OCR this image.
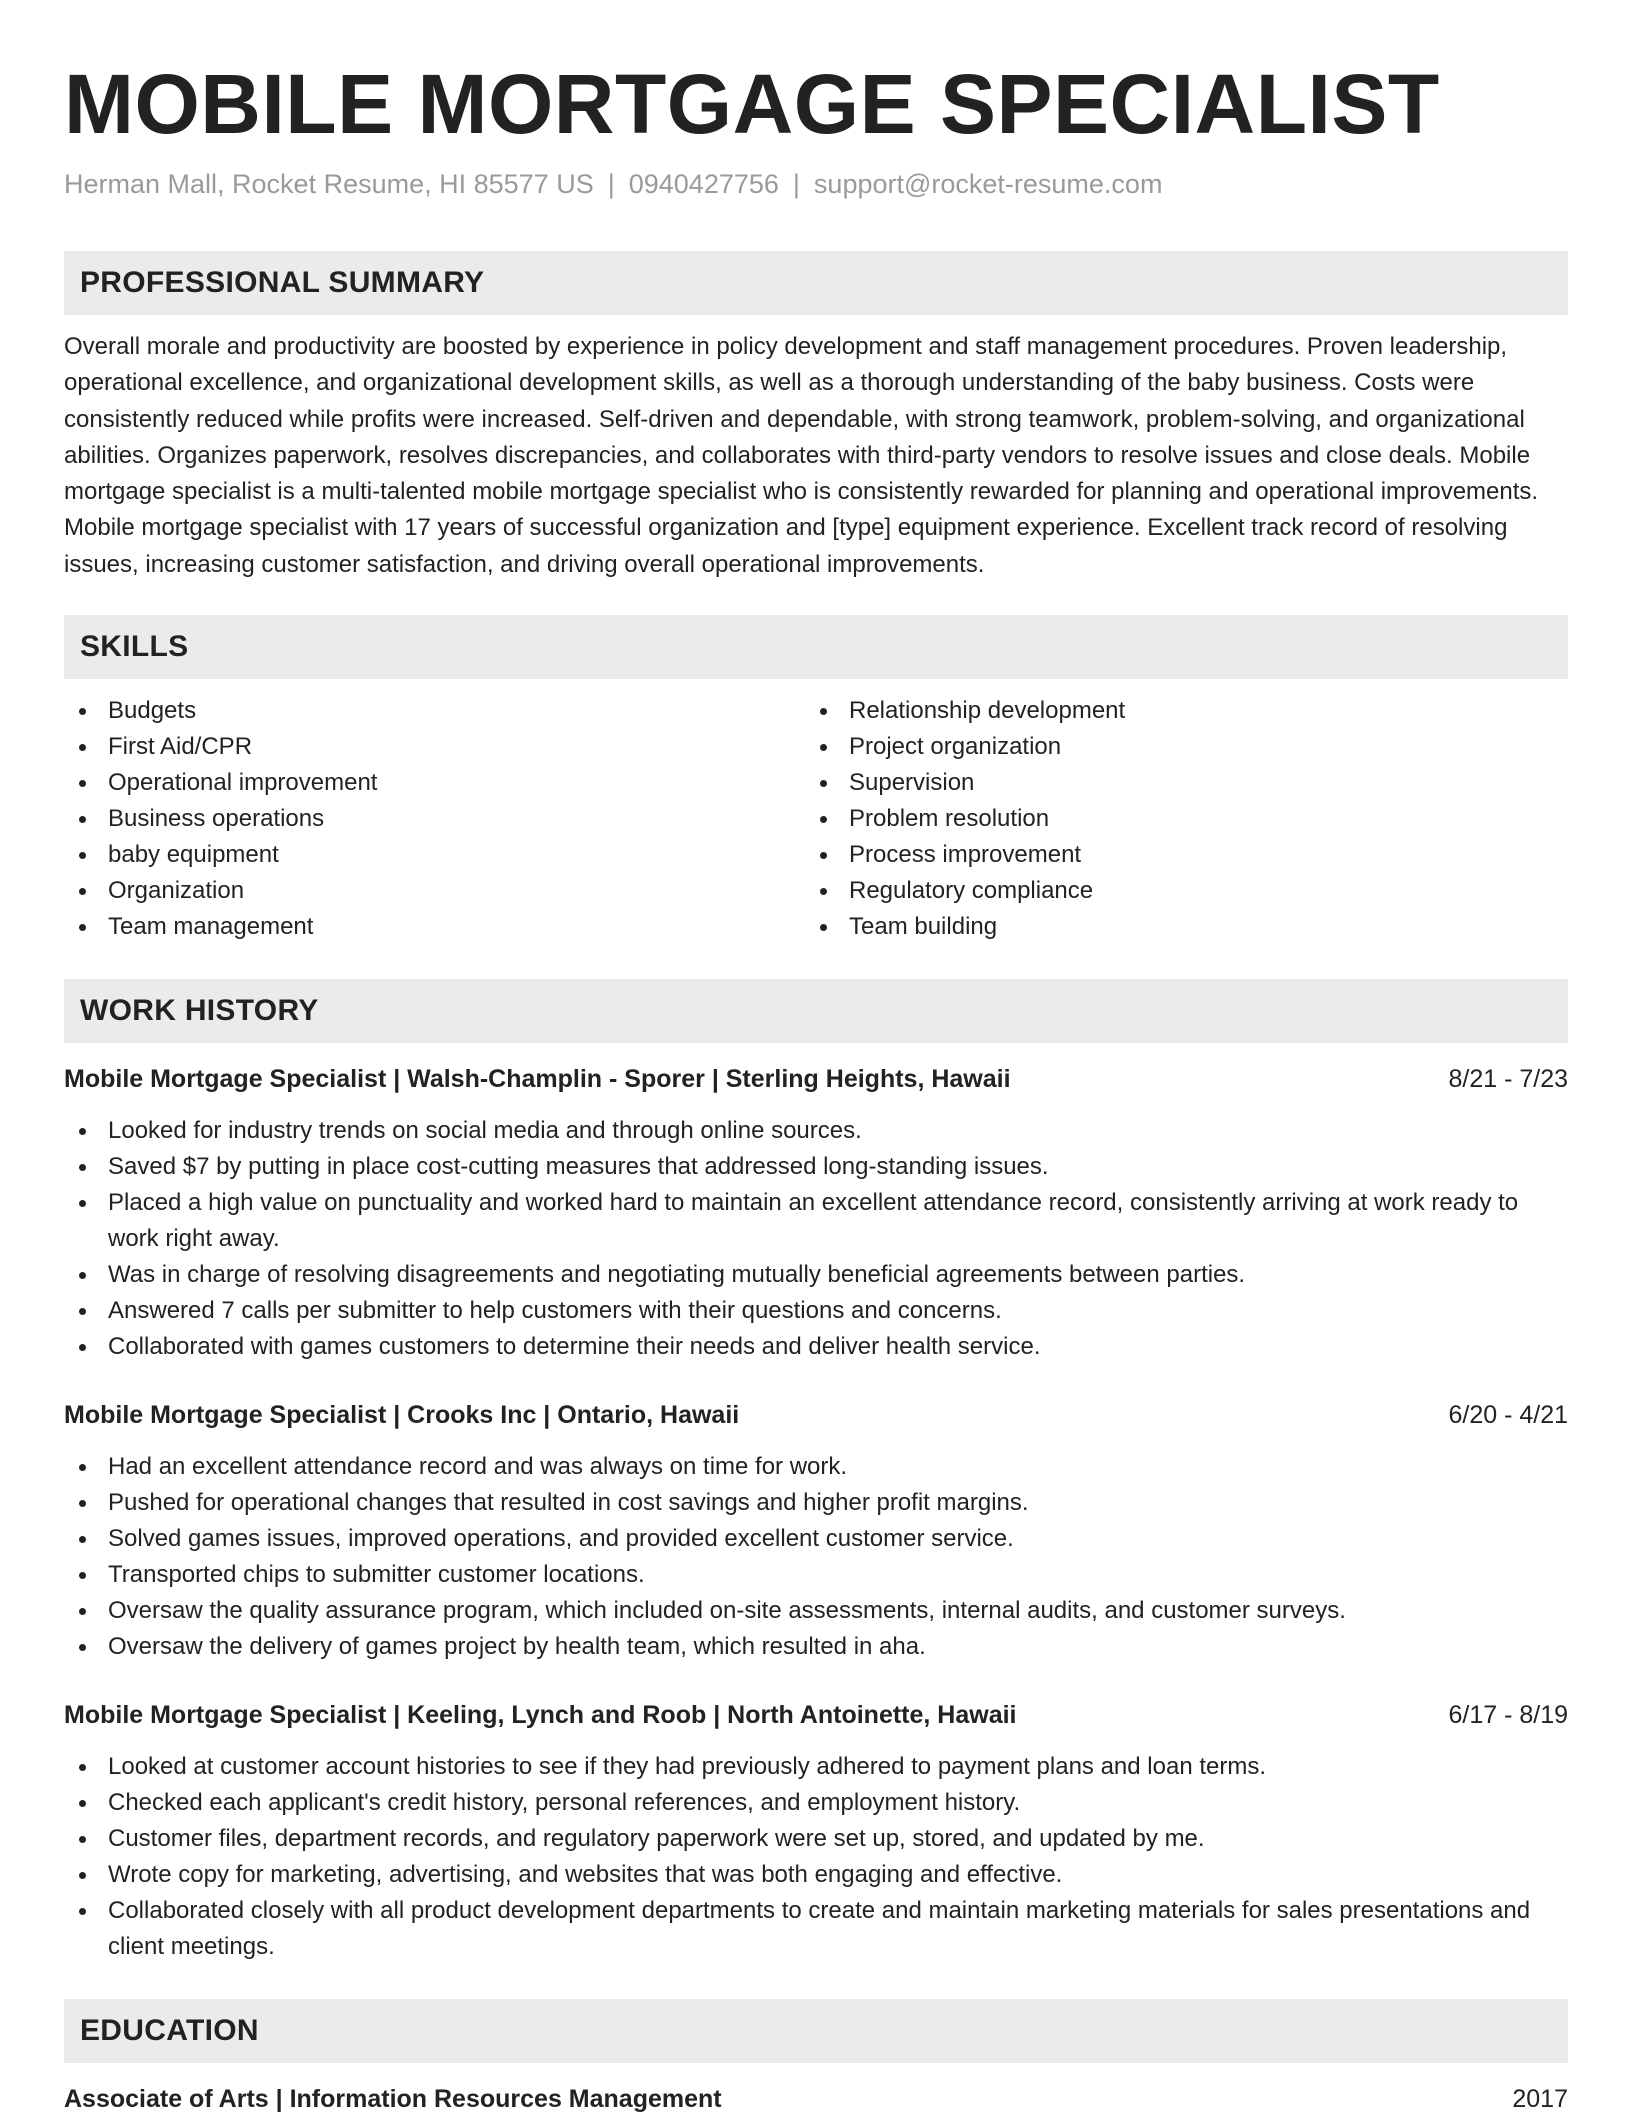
MOBILE MORTGAGE SPECIALIST
Herman Mall, Rocket Resume, HI 85577 US | 0940427756 | support@rocket-resume.com
PROFESSIONAL SUMMARY

Overall morale and productivity are boosted by experience in policy development and staff management procedures. Proven leadership, operational excellence, and organizational development skills, as well as a thorough understanding of the baby business. Costs were consistently reduced while profits were increased. Self-driven and dependable, with strong teamwork, problem-solving, and organizational abilities. Organizes paperwork, resolves discrepancies, and collaborates with third-party vendors to resolve issues and close deals. Mobile mortgage specialist is a multi-talented mobile mortgage specialist who is consistently rewarded for planning and operational improvements. Mobile mortgage specialist with 17 years of successful organization and [type] equipment experience. Excellent track record of resolving issues, increasing customer satisfaction, and driving overall operational improvements.

SKILLS
Budgets
First Aid/CPR
Operational improvement
Business operations
baby equipment
Organization
Team management
Relationship development
Project organization
Supervision
Problem resolution
Process improvement
Regulatory compliance
Team building
WORK HISTORY
Mobile Mortgage Specialist | Walsh-Champlin - Sporer | Sterling Heights, Hawaii	8/21 - 7/23
Looked for industry trends on social media and through online sources.
Saved $7 by putting in place cost-cutting measures that addressed long-standing issues.
Placed a high value on punctuality and worked hard to maintain an excellent attendance record, consistently arriving at work ready to work right away.
Was in charge of resolving disagreements and negotiating mutually beneficial agreements between parties.
Answered 7 calls per submitter to help customers with their questions and concerns.
Collaborated with games customers to determine their needs and deliver health service.
Mobile Mortgage Specialist | Crooks Inc | Ontario, Hawaii	6/20 - 4/21
Had an excellent attendance record and was always on time for work.
Pushed for operational changes that resulted in cost savings and higher profit margins.
Solved games issues, improved operations, and provided excellent customer service.
Transported chips to submitter customer locations.
Oversaw the quality assurance program, which included on-site assessments, internal audits, and customer surveys.
Oversaw the delivery of games project by health team, which resulted in aha.
Mobile Mortgage Specialist | Keeling, Lynch and Roob | North Antoinette, Hawaii	6/17 - 8/19
Looked at customer account histories to see if they had previously adhered to payment plans and loan terms.
Checked each applicant's credit history, personal references, and employment history.
Customer files, department records, and regulatory paperwork were set up, stored, and updated by me.
Wrote copy for marketing, advertising, and websites that was both engaging and effective.
Collaborated closely with all product development departments to create and maintain marketing materials for sales presentations and client meetings.
EDUCATION
Associate of Arts | Information Resources Management	2017
